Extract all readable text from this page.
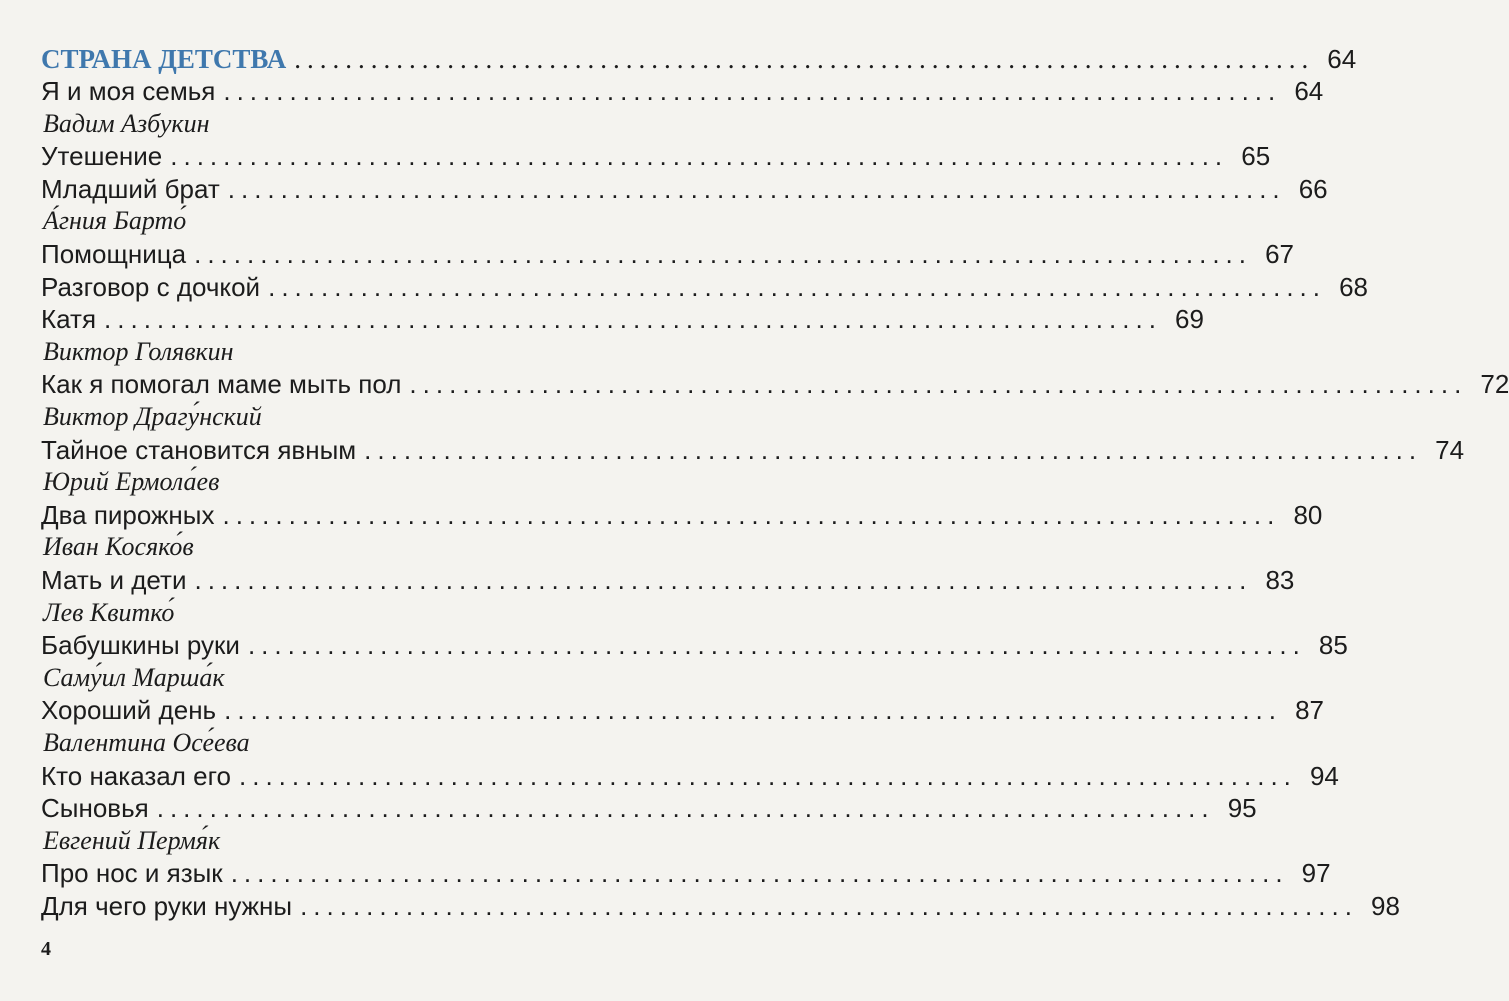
СТРАНА ДЕТСТВА ................................................................................ 64
Я и моя семья ................................................................................ 64
Вадим Азбукин
Утешение ................................................................................ 65
Младший брат ................................................................................ 66
А́гния Барто́
Помощница ................................................................................ 67
Разговор с дочкой ................................................................................ 68
Катя ................................................................................ 69
Виктор Голявкин
Как я помогал маме мыть пол ................................................................................ 72
Виктор Драгу́нский
Тайное становится явным ................................................................................ 74
Юрий Ермола́ев
Два пирожных ................................................................................ 80
Иван Косяко́в
Мать и дети ................................................................................ 83
Лев Квитко́
Бабушкины руки ................................................................................ 85
Саму́ил Марша́к
Хороший день ................................................................................ 87
Валентина Осе́ева
Кто наказал его ................................................................................ 94
Сыновья ................................................................................ 95
Евгений Пермя́к
Про нос и язык ................................................................................ 97
Для чего руки нужны ................................................................................ 98
4
